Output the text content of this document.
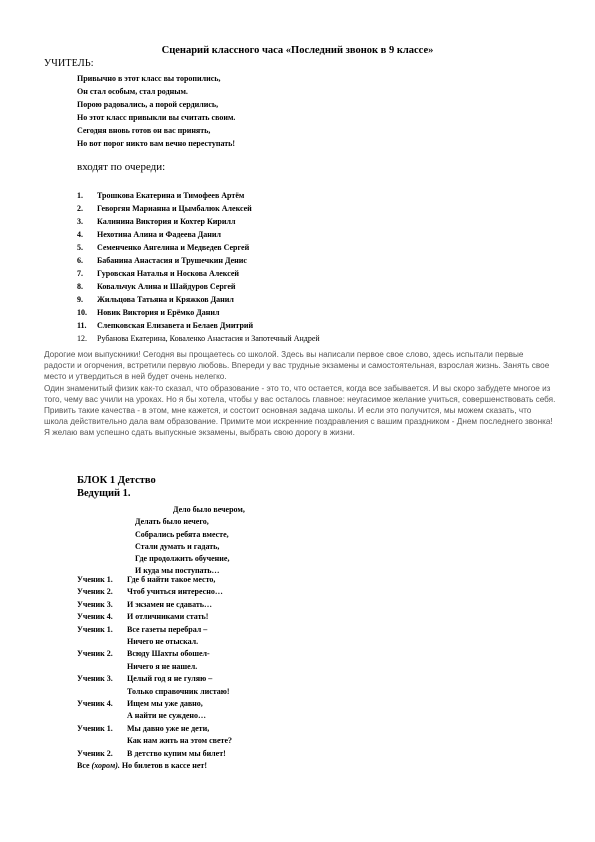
Сценарий классного часа «Последний звонок в 9 классе»
УЧИТЕЛЬ:
Привычно в этот класс вы торопились,
Он стал особым, стал родным.
Порою радовались, а порой сердились,
Но этот класс привыкли вы считать своим.
Сегодня вновь готов он вас принять,
Но вот порог никто вам вечно переступать!
входят по очереди:
1. Трошкова Екатерина и Тимофеев Артём
2. Геворгян Марианна и Цымбалюк Алексей
3. Калинина Виктория и Кохтер Кирилл
4. Нехотина Алина и Фадеева Данил
5. Семенченко Ангелина и Медведев Сергей
6. Бабанина Анастасия и Трушечкин Денис
7. Гуровская Наталья и Носкова Алексей
8. Ковальчук Алина и Шайдуров Сергей
9. Жильцова Татьяна и Кряжков Данил
10. Новик Виктория и Ерёмко Данил
11. Слепковская Елизавета и Белаев Дмитрий
12. Рубанова Екатерина, Коваленко Анастасия и Запотечный Андрей

Дорогие мои выпускники! Сегодня вы прощаетесь со школой. Здесь вы написали первое свое слово, здесь испытали первые радости и огорчения, встретили первую любовь. Впереди у вас трудные экзамены и самостоятельная, взрослая жизнь. Занять свое место и утвердиться в ней будет очень нелегко.

Один знаменитый физик как-то сказал, что образование - это то, что остается, когда все забывается. И вы скоро забудете многое из того, чему вас учили на уроках. Но я бы хотела, чтобы у вас осталось главное: неугасимое желание учиться, совершенствовать себя. Привить такие качества - в этом, мне кажется, и состоит основная задача школы. И если это получится, мы можем сказать, что школа действительно дала вам образование. Примите мои искренние поздравления с вашим праздником - Днем последнего звонка! Я желаю вам успешно сдать выпускные экзамены, выбрать свою дорогу в жизни.

БЛОК 1 Детство
Ведущий 1.
Дело было вечером,
Делать было нечего,
Собрались ребята вместе,
Стали думать и гадать,
Где продолжить обучение,
И куда мы поступать…
Ученик 1. Где б найти такое место,
Ученик 2. Чтоб учиться интересно…
Ученик 3. И экзамен не сдавать…
Ученик 4. И отличниками стать!
Ученик 1. Все газеты перебрал –
Ничего не отыскал.
Ученик 2. Всюду Шахты обошел-
Ничего я не нашел.
Ученик 3. Целый год я не гуляю –
Только справочник листаю!
Ученик 4. Ищем мы уже давно,
А найти не суждено…
Ученик 1. Мы давно уже не дети,
Как нам жить на этом свете?
Ученик 2. В детство купим мы билет!
Все (хором). Но билетов в кассе нет!
